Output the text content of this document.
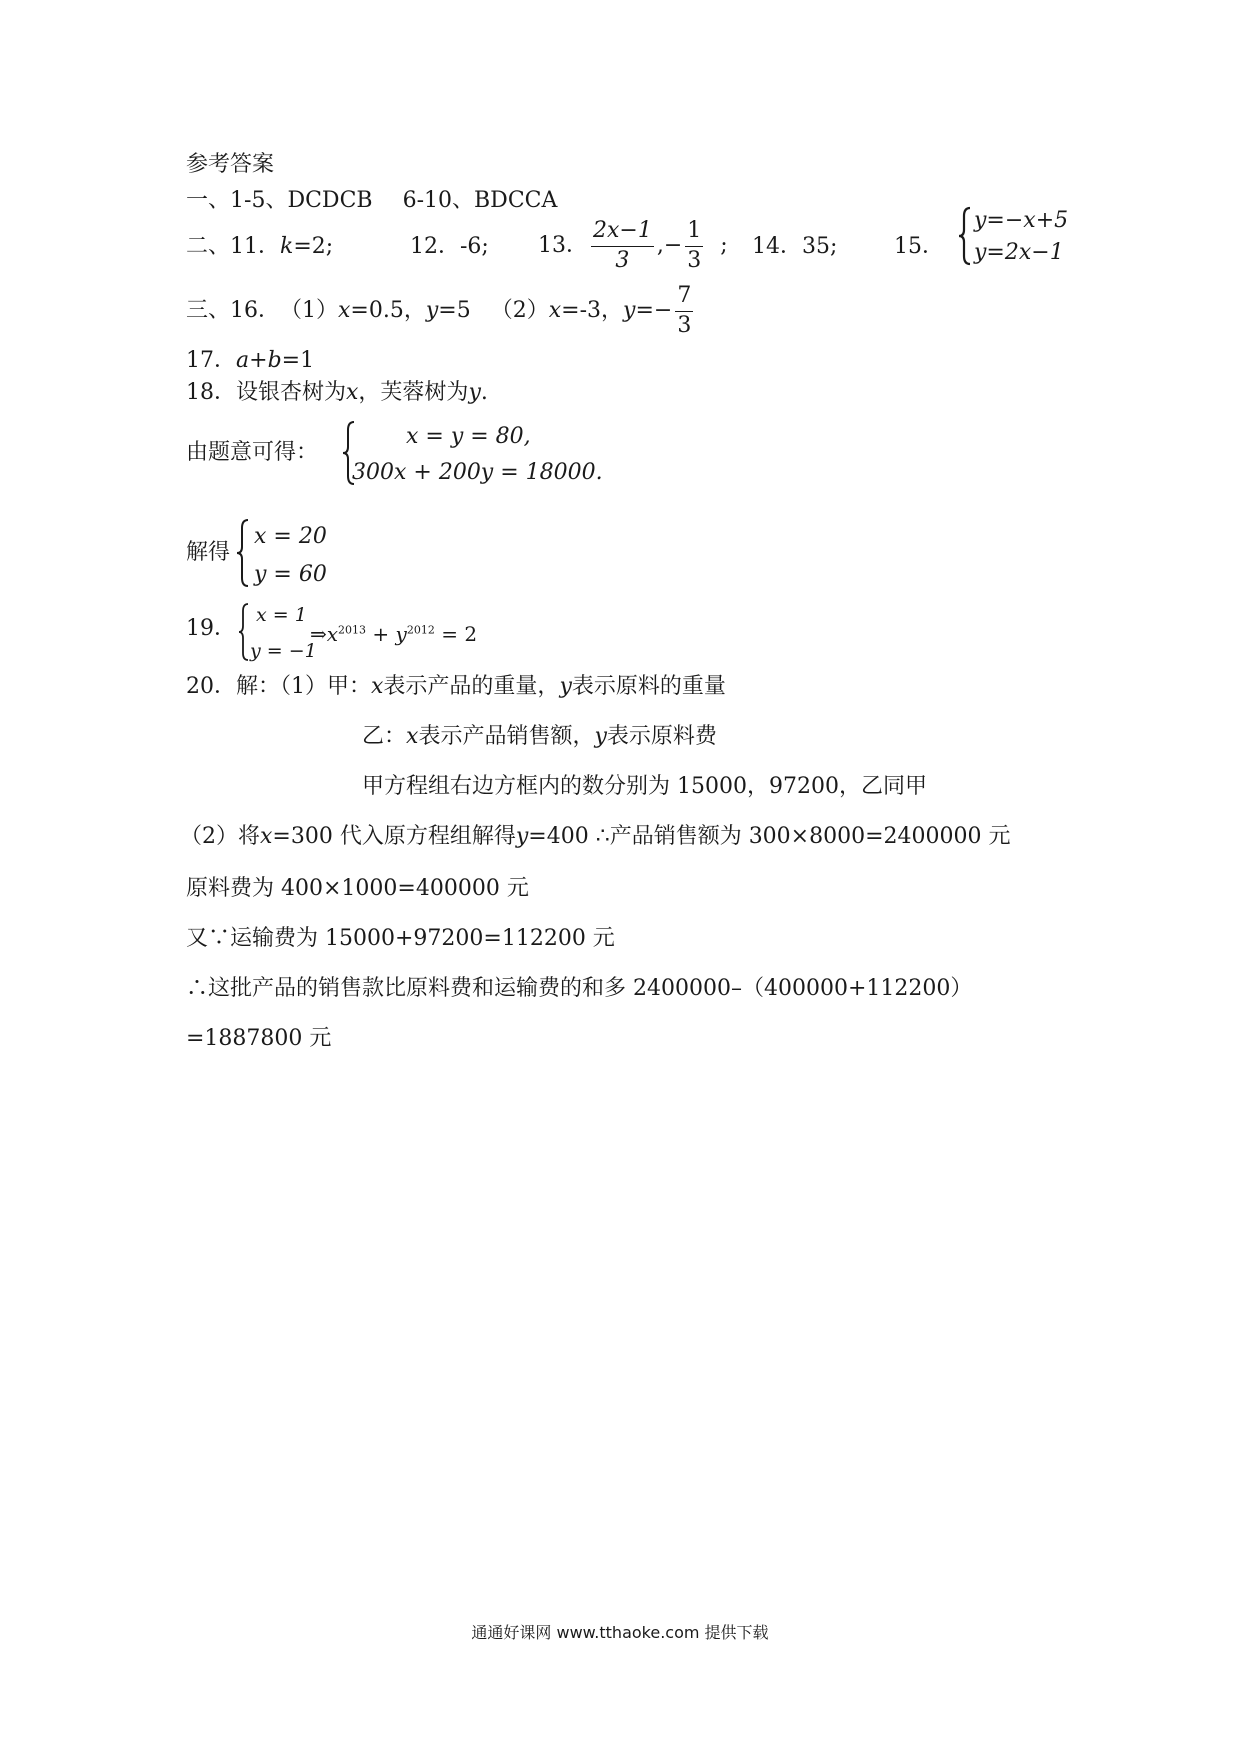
参考答案
一、1-5、DCDCB 6-10、BDCCA
二、11．k=2;	12．-6; 13． $\frac{2x-1}{3}$ ,− $\frac{1}{3}$ ; 14．35;	15．
y=−x+5
y=2x−1
三、16． （1） x =0.5， y =5 （2） x =-3， $y =- \frac{7}{3}$
17．a+b=1
18．设银杏树为x，芙蓉树为y.
由题意可得：
x = y = 80,
300x + 200y = 18000.
解得
x = 20
y = 60
19．
x = 1
y = −1
$\Rightarrow x^{2013} + y^{2012} = 2$
20．解：（1）甲：x表示产品的重量，y表示原料的重量
乙：x表示产品销售额，y表示原料费
甲方程组右边方框内的数分别为 15000，97200，乙同甲
（2）将x=300 代入原方程组解得y=400 ∴产品销售额为 300×8000=2400000 元
原料费为 400×1000=400000 元
又∵运输费为 15000+97200=112200 元
∴这批产品的销售款比原料费和运输费的和多 2400000–（400000+112200）
=1887800 元
通通好课网 www.tthaoke.com 提供下载
